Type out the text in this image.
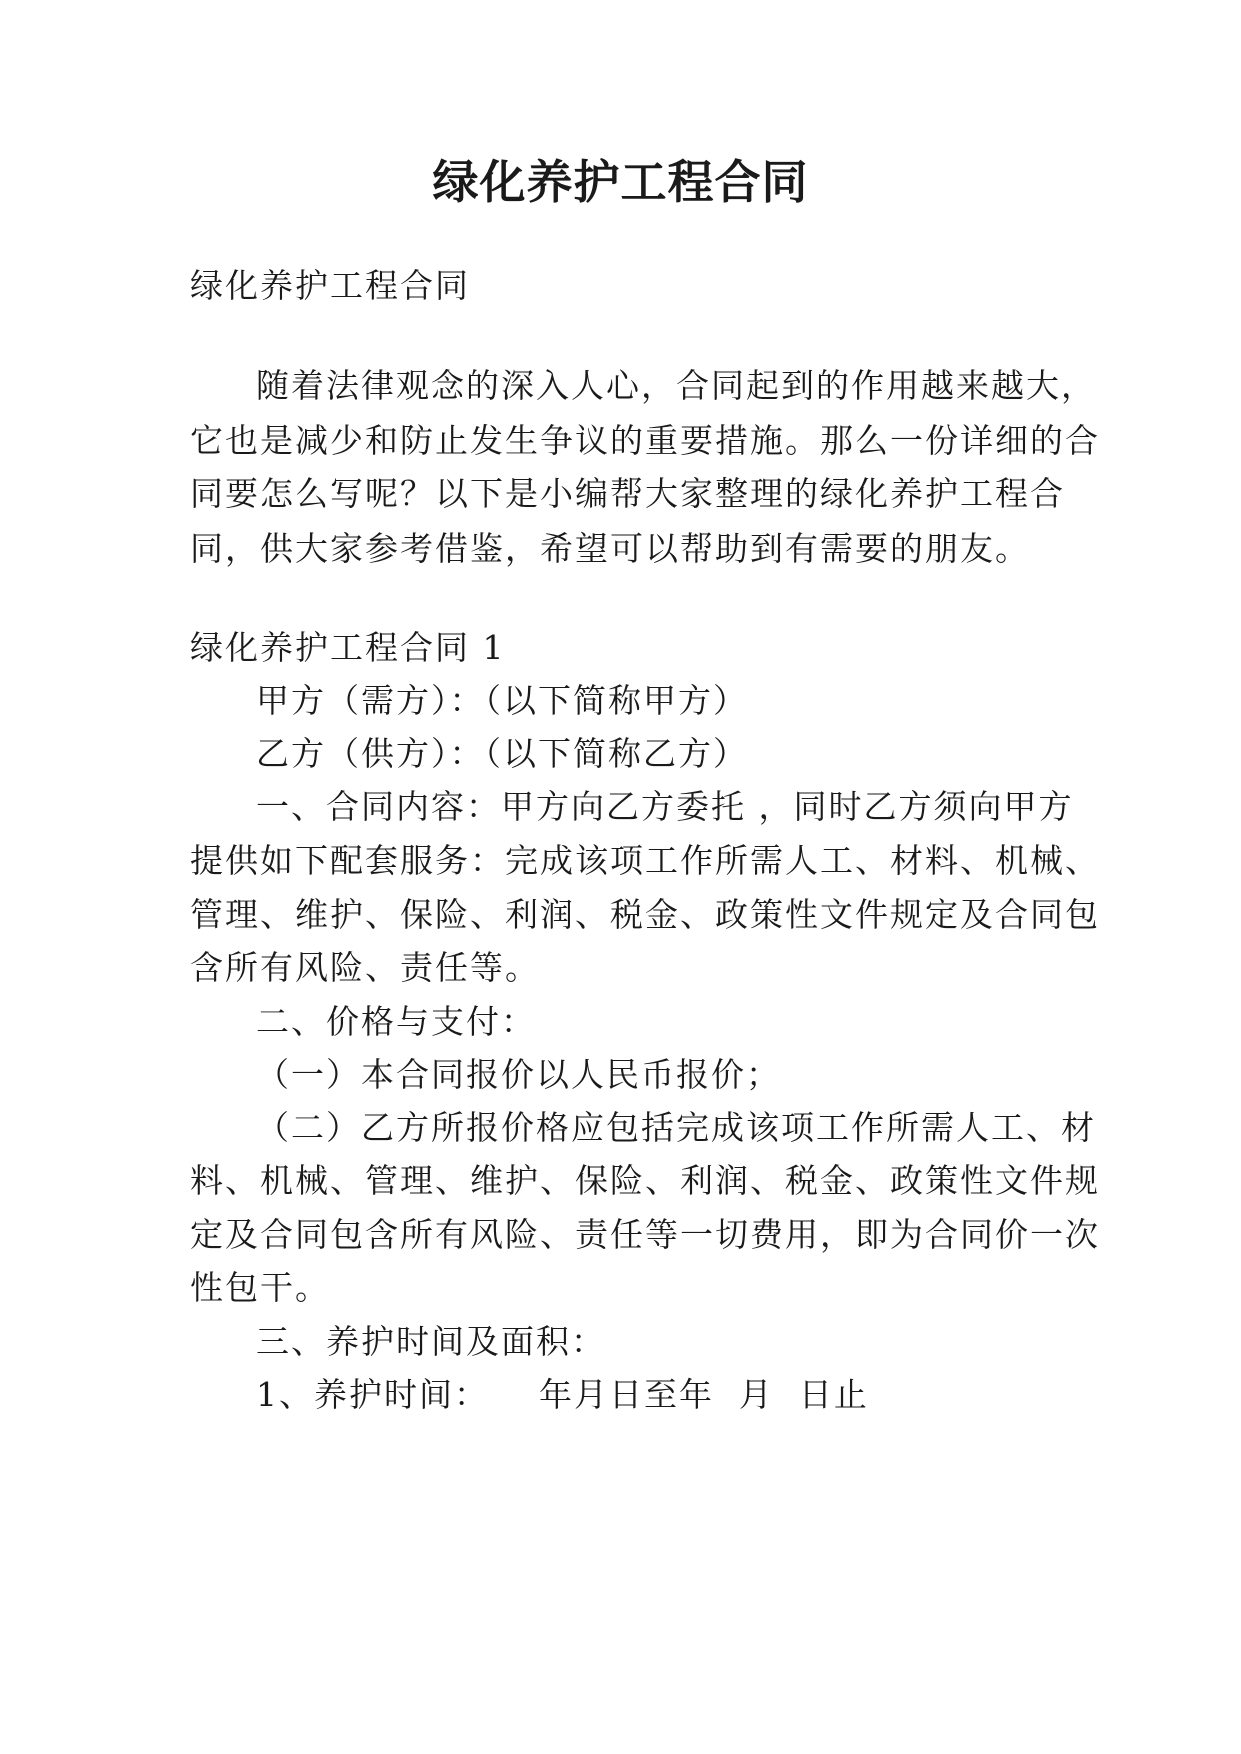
绿化养护工程合同
绿化养护工程合同
随着法律观念的深入人心，合同起到的作用越来越大，
它也是减少和防止发生争议的重要措施。那么一份详细的合
同要怎么写呢？以下是小编帮大家整理的绿化养护工程合
同，供大家参考借鉴，希望可以帮助到有需要的朋友。
绿化养护工程合同 1
甲方（需方）：（以下简称甲方）
乙方（供方）：（以下简称乙方）
一、合同内容：甲方向乙方委托 ，同时乙方须向甲方
提供如下配套服务：完成该项工作所需人工、材料、机械、
管理、维护、保险、利润、税金、政策性文件规定及合同包
含所有风险、责任等。
二、价格与支付：
（一）本合同报价以人民币报价；
（二）乙方所报价格应包括完成该项工作所需人工、材
料、机械、管理、维护、保险、利润、税金、政策性文件规
定及合同包含所有风险、责任等一切费用，即为合同价一次
性包干。
三、养护时间及面积：
1、养护时间：    年月日至年  月  日止
